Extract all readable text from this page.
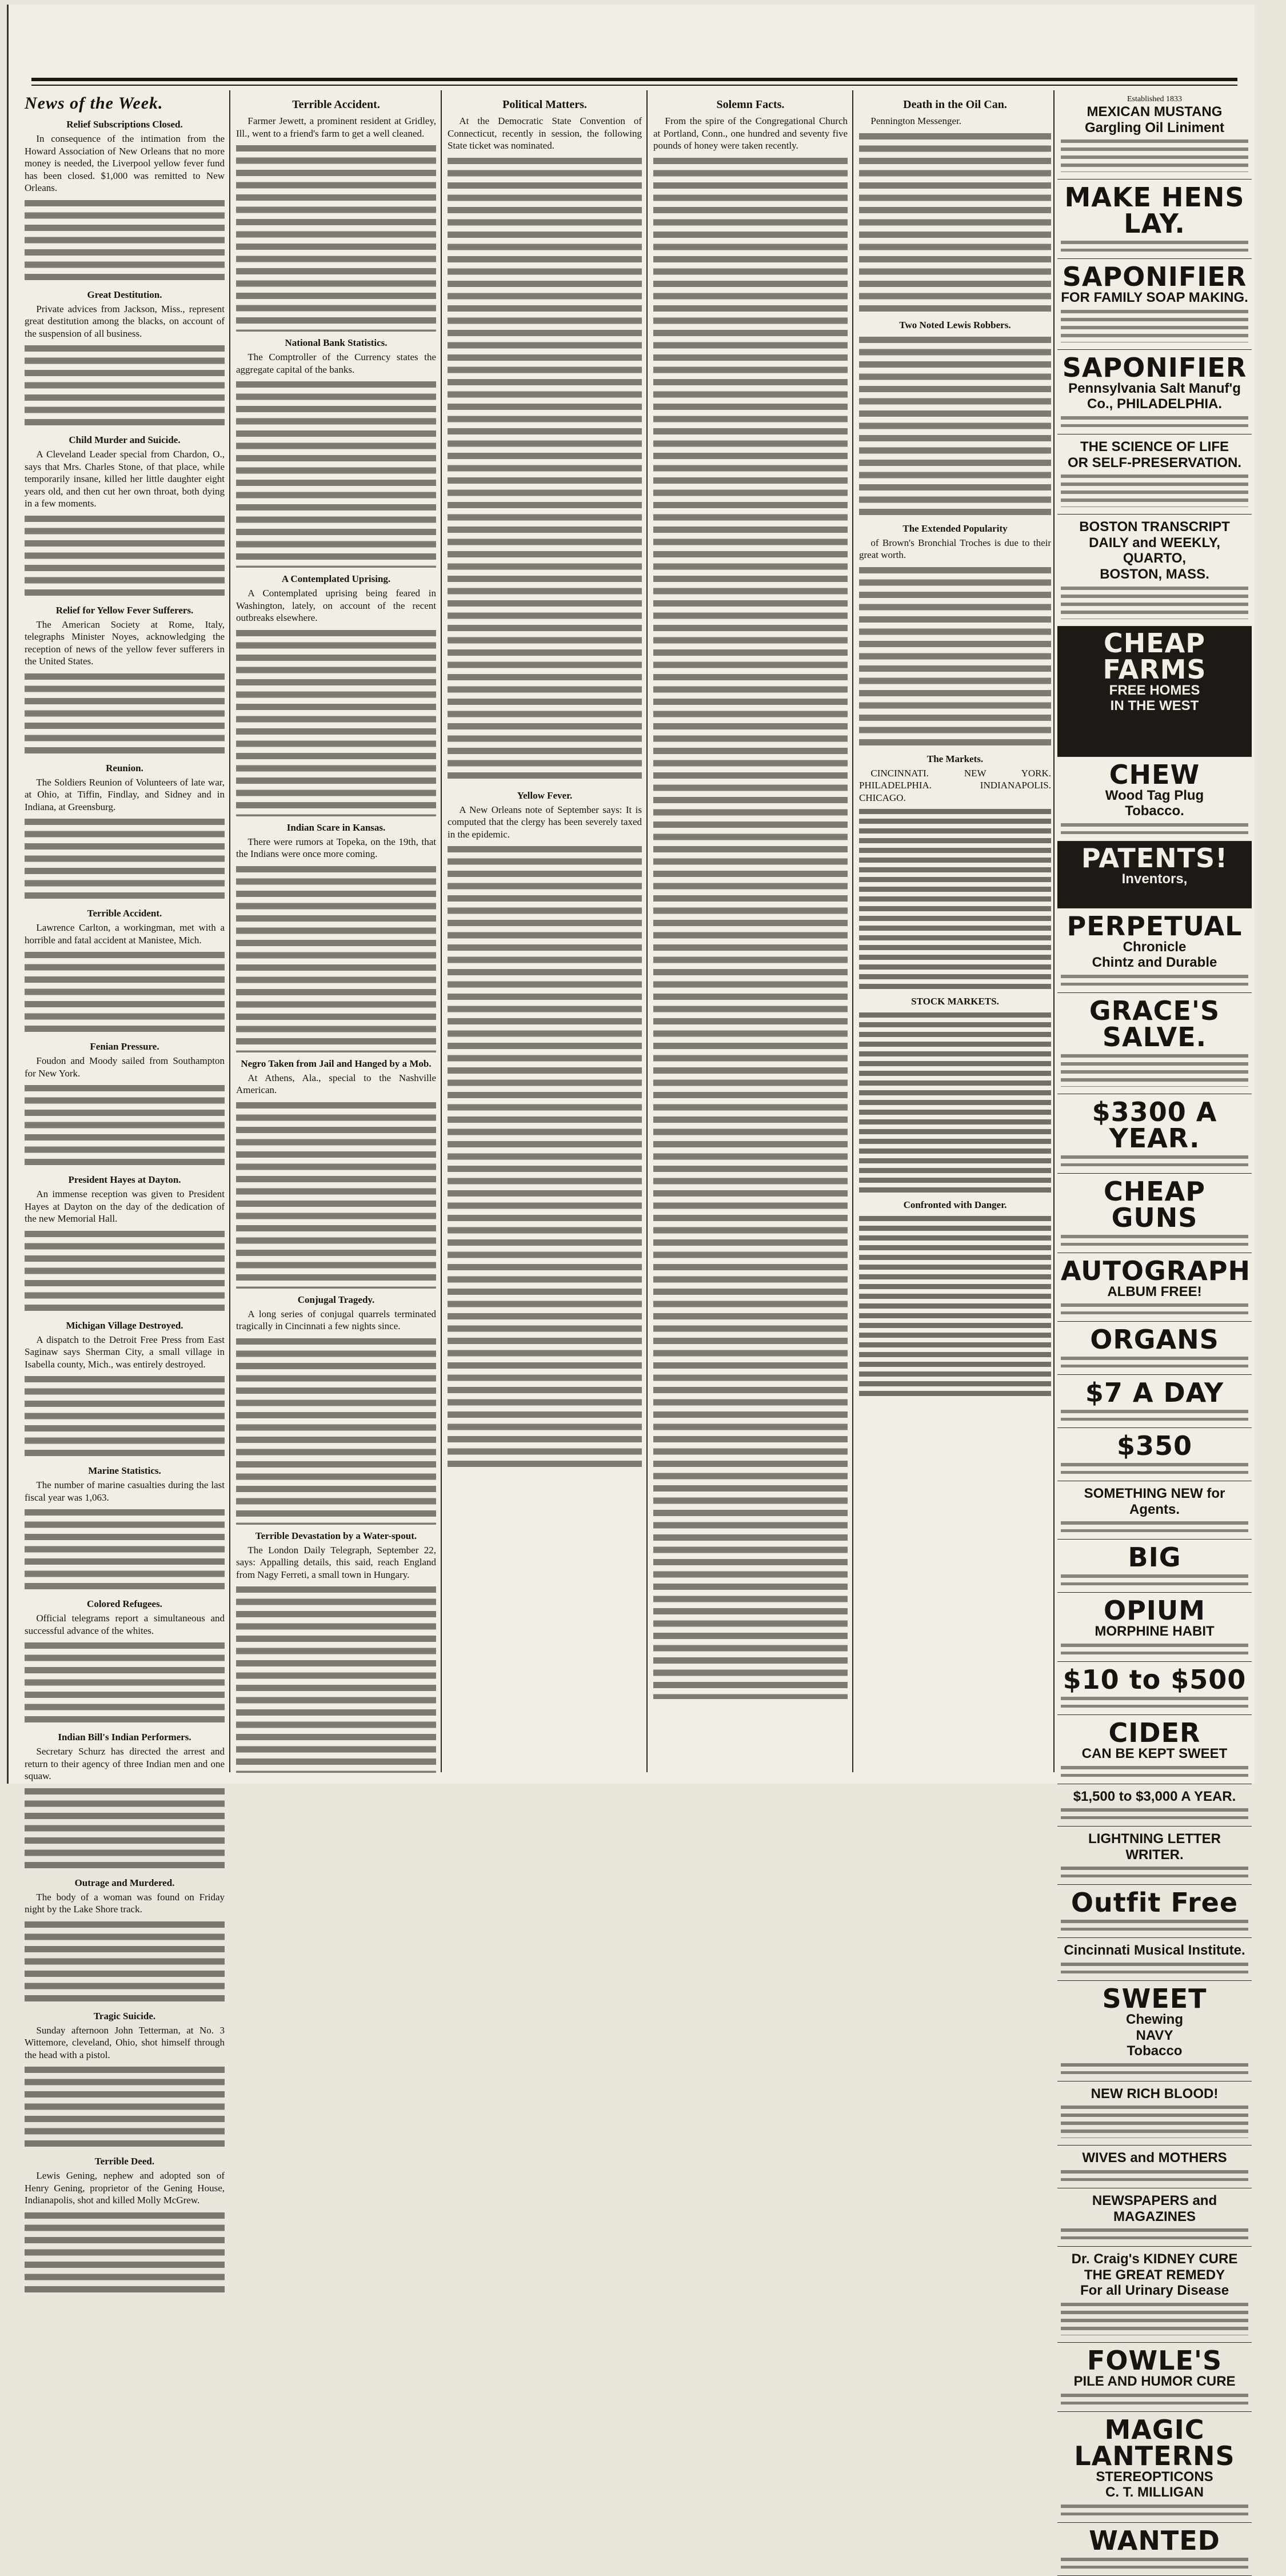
News of the Week.
Relief Subscriptions Closed.

In consequence of the intimation from the Howard Association of New Orleans that no more money is needed, the Liverpool yellow fever fund has been closed. $1,000 was remitted to New Orleans.

Great Destitution.

Private advices from Jackson, Miss., represent great destitution among the blacks, on account of the suspension of all business.

Child Murder and Suicide.

A Cleveland Leader special from Chardon, O., says that Mrs. Charles Stone, of that place, while temporarily insane, killed her little daughter eight years old, and then cut her own throat, both dying in a few moments.

Relief for Yellow Fever Sufferers.

The American Society at Rome, Italy, telegraphs Minister Noyes, acknowledging the reception of news of the yellow fever sufferers in the United States.

Reunion.

The Soldiers Reunion of Volunteers of late war, at Ohio, at Tiffin, Findlay, and Sidney and in Indiana, at Greensburg.

Terrible Accident.

Lawrence Carlton, a workingman, met with a horrible and fatal accident at Manistee, Mich.

Fenian Pressure.

Foudon and Moody sailed from Southampton for New York.

President Hayes at Dayton.

An immense reception was given to President Hayes at Dayton on the day of the dedication of the new Memorial Hall.

Michigan Village Destroyed.

A dispatch to the Detroit Free Press from East Saginaw says Sherman City, a small village in Isabella county, Mich., was entirely destroyed.

Marine Statistics.

The number of marine casualties during the last fiscal year was 1,063.

Colored Refugees.

Official telegrams report a simultaneous and successful advance of the whites.

Indian Bill's Indian Performers.

Secretary Schurz has directed the arrest and return to their agency of three Indian men and one squaw.

Outrage and Murdered.

The body of a woman was found on Friday night by the Lake Shore track.

Tragic Suicide.

Sunday afternoon John Tetterman, at No. 3 Wittemore, cleveland, Ohio, shot himself through the head with a pistol.

Terrible Deed.

Lewis Gening, nephew and adopted son of Henry Gening, proprietor of the Gening House, Indianapolis, shot and killed Molly McGrew.

Terrible Accident.

Farmer Jewett, a prominent resident at Gridley, Ill., went to a friend's farm to get a well cleaned.

National Bank Statistics.

The Comptroller of the Currency states the aggregate capital of the banks.

A Contemplated Uprising.

A Contemplated uprising being feared in Washington, lately, on account of the recent outbreaks elsewhere.

Indian Scare in Kansas.

There were rumors at Topeka, on the 19th, that the Indians were once more coming.

Negro Taken from Jail and Hanged by a Mob.

At Athens, Ala., special to the Nashville American.

Conjugal Tragedy.

A long series of conjugal quarrels terminated tragically in Cincinnati a few nights since.

Terrible Devastation by a Water-spout.

The London Daily Telegraph, September 22, says: Appalling details, this said, reach England from Nagy Ferreti, a small town in Hungary.

Political Matters.

At the Democratic State Convention of Connecticut, recently in session, the following State ticket was nominated.

Yellow Fever.

A New Orleans note of September says: It is computed that the clergy has been severely taxed in the epidemic.

Solemn Facts.

From the spire of the Congregational Church at Portland, Conn., one hundred and seventy five pounds of honey were taken recently.

Death in the Oil Can.

Pennington Messenger.

Two Noted Lewis Robbers.

The Extended Popularity

of Brown's Bronchial Troches is due to their great worth.

The Markets.

CINCINNATI. NEW YORK. PHILADELPHIA. INDIANAPOLIS. CHICAGO.

STOCK MARKETS.

Confronted with Danger.

Established 1833
MEXICAN MUSTANG
Gargling Oil Liniment
MAKE HENS LAY.
SAPONIFIER
FOR FAMILY SOAP MAKING.
SAPONIFIER
Pennsylvania Salt Manuf'g Co., PHILADELPHIA.
THE SCIENCE OF LIFE
OR SELF-PRESERVATION.
BOSTON TRANSCRIPT
DAILY and WEEKLY, QUARTO,
BOSTON, MASS.
CHEAP FARMS
FREE HOMES
IN THE WEST
CHEW
Wood Tag Plug
Tobacco.
PATENTS!
Inventors,
PERPETUAL
Chronicle
Chintz and Durable
GRACE'S SALVE.
$3300 A YEAR.
CHEAP GUNS
AUTOGRAPH
ALBUM FREE!
ORGANS
$7 A DAY
$350
SOMETHING NEW for Agents.
BIG
OPIUM
MORPHINE HABIT
$10 to $500
CIDER
CAN BE KEPT SWEET
$1,500 to $3,000 A YEAR.
LIGHTNING LETTER WRITER.
Outfit Free
Cincinnati Musical Institute.
SWEET
Chewing
NAVY
Tobacco
NEW RICH BLOOD!
WIVES and MOTHERS
NEWSPAPERS and MAGAZINES
Dr. Craig's KIDNEY CURE
THE GREAT REMEDY
For all Urinary Disease
FOWLE'S
PILE AND HUMOR CURE
MAGIC LANTERNS
STEREOPTICONS
C. T. MILLIGAN
WANTED
